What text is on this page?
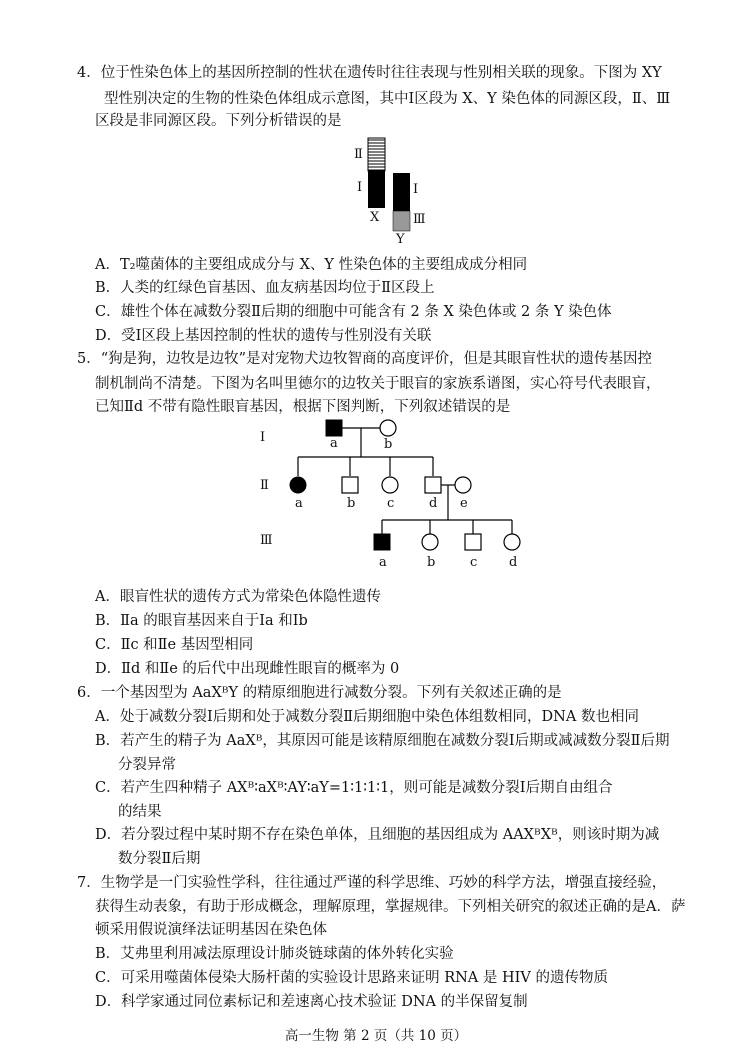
4．位于性染色体上的基因所控制的性状在遗传时往往表现与性别相关联的现象。下图为 XY
型性别决定的生物的性染色体组成示意图，其中Ⅰ区段为 X、Y 染色体的同源区段，Ⅱ、Ⅲ
区段是非同源区段。下列分析错误的是
Ⅱ
Ⅰ	Ⅰ
Ⅲ
X
Y
A．T₂噬菌体的主要组成成分与 X、Y 性染色体的主要组成成分相同
B．人类的红绿色盲基因、血友病基因均位于Ⅱ区段上
C．雄性个体在减数分裂Ⅱ后期的细胞中可能含有 2 条 X 染色体或 2 条 Y 染色体
D．受Ⅰ区段上基因控制的性状的遗传与性别没有关联
5．“狗是狗，边牧是边牧”是对宠物犬边牧智商的高度评价，但是其眼盲性状的遗传基因控
制机制尚不清楚。下图为名叫里德尔的边牧关于眼盲的家族系谱图，实心符号代表眼盲，
已知Ⅱd 不带有隐性眼盲基因，根据下图判断，下列叙述错误的是
Ⅰ
Ⅱ
Ⅲ
a	b
a	b c	d e
a	b	c d
A．眼盲性状的遗传方式为常染色体隐性遗传
B．Ⅱa 的眼盲基因来自于Ⅰa 和Ⅰb
C．Ⅱc 和Ⅱe 基因型相同
D．Ⅱd 和Ⅱe 的后代中出现雌性眼盲的概率为 0
6．一个基因型为 AaXᴮY 的精原细胞进行减数分裂。下列有关叙述正确的是
A．处于减数分裂Ⅰ后期和处于减数分裂Ⅱ后期细胞中染色体组数相同，DNA 数也相同
B．若产生的精子为 AaXᴮ，其原因可能是该精原细胞在减数分裂Ⅰ后期或减减数分裂Ⅱ后期
分裂异常
C．若产生四种精子 AXᴮ∶aXᴮ∶AY∶aY=1∶1∶1∶1，则可能是减数分裂Ⅰ后期自由组合
的结果
D．若分裂过程中某时期不存在染色单体，且细胞的基因组成为 AAXᴮXᴮ，则该时期为减
数分裂Ⅱ后期
7．生物学是一门实验性学科，往往通过严谨的科学思维、巧妙的科学方法，增强直接经验，
获得生动表象，有助于形成概念，理解原理，掌握规律。下列相关研究的叙述正确的是A．萨
顿采用假说演绎法证明基因在染色体
B．艾弗里利用减法原理设计肺炎链球菌的体外转化实验
C．可采用噬菌体侵染大肠杆菌的实验设计思路来证明 RNA 是 HIV 的遗传物质
D．科学家通过同位素标记和差速离心技术验证 DNA 的半保留复制
高一生物 第 2 页（共 10 页）
